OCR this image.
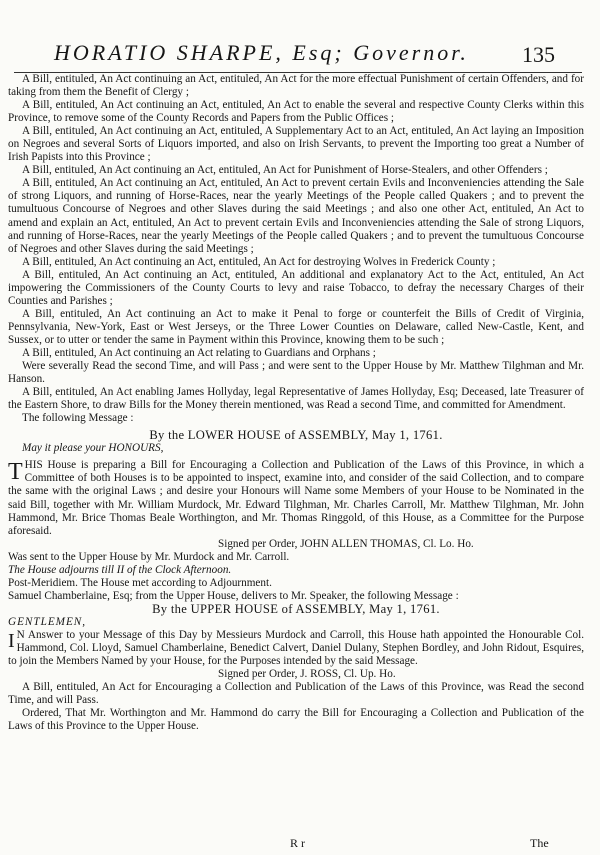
HORATIO SHARPE, Esq; Governor. 135

A Bill, entituled, An Act continuing an Act, entituled, An Act for the more effectual Punishment of certain Offenders, and for taking from them the Benefit of Clergy ;

A Bill, entituled, An Act continuing an Act, entituled, An Act to enable the several and respective County Clerks within this Province, to remove some of the County Records and Papers from the Public Offices ;

A Bill, entituled, An Act continuing an Act, entituled, A Supplementary Act to an Act, entituled, An Act laying an Imposition on Negroes and several Sorts of Liquors imported, and also on Irish Servants, to prevent the Importing too great a Number of Irish Papists into this Province ;

A Bill, entituled, An Act continuing an Act, entituled, An Act for Punishment of Horse-Stealers, and other Offenders ;

A Bill, entituled, An Act continuing an Act, entituled, An Act to prevent certain Evils and Inconveniencies attending the Sale of strong Liquors, and running of Horse-Races, near the yearly Meetings of the People called Quakers ; and to prevent the tumultuous Concourse of Negroes and other Slaves during the said Meetings ; and also one other Act, entituled, An Act to amend and explain an Act, entituled, An Act to prevent certain Evils and Inconveniencies attending the Sale of strong Liquors, and running of Horse-Races, near the yearly Meetings of the People called Quakers ; and to prevent the tumultuous Concourse of Negroes and other Slaves during the said Meetings ;

A Bill, entituled, An Act continuing an Act, entituled, An Act for destroying Wolves in Frederick County ;

A Bill, entituled, An Act continuing an Act, entituled, An additional and explanatory Act to the Act, entituled, An Act impowering the Commissioners of the County Courts to levy and raise Tobacco, to defray the necessary Charges of their Counties and Parishes ;

A Bill, entituled, An Act continuing an Act to make it Penal to forge or counterfeit the Bills of Credit of Virginia, Pennsylvania, New-York, East or West Jerseys, or the Three Lower Counties on Delaware, called New-Castle, Kent, and Sussex, or to utter or tender the same in Payment within this Province, knowing them to be such ;

A Bill, entituled, An Act continuing an Act relating to Guardians and Orphans ;

Were severally Read the second Time, and will Pass ; and were sent to the Upper House by Mr. Matthew Tilghman and Mr. Hanson.

A Bill, entituled, An Act enabling James Hollyday, legal Representative of James Hollyday, Esq; Deceased, late Treasurer of the Eastern Shore, to draw Bills for the Money therein mentioned, was Read a second Time, and committed for Amendment.

The following Message :

By the LOWER HOUSE of ASSEMBLY, May 1, 1761.

May it please your HONOURS,

THIS House is preparing a Bill for Encouraging a Collection and Publication of the Laws of this Province, in which a Committee of both Houses is to be appointed to inspect, examine into, and consider of the said Collection, and to compare the same with the original Laws ; and desire your Honours will Name some Members of your House to be Nominated in the said Bill, together with Mr. William Murdock, Mr. Edward Tilghman, Mr. Charles Carroll, Mr. Matthew Tilghman, Mr. John Hammond, Mr. Brice Thomas Beale Worthington, and Mr. Thomas Ringgold, of this House, as a Committee for the Purpose aforesaid.

Signed per Order, JOHN ALLEN THOMAS, Cl. Lo. Ho.

Was sent to the Upper House by Mr. Murdock and Mr. Carroll.

The House adjourns till II of the Clock Afternoon.

Post-Meridiem. The House met according to Adjournment.

Samuel Chamberlaine, Esq; from the Upper House, delivers to Mr. Speaker, the following Message :

By the UPPER HOUSE of ASSEMBLY, May 1, 1761.

GENTLEMEN,

I N Answer to your Message of this Day by Messieurs Murdock and Carroll, this House hath appointed the Honourable Col. Hammond, Col. Lloyd, Samuel Chamberlaine, Benedict Calvert, Daniel Dulany, Stephen Bordley, and John Ridout, Esquires, to join the Members Named by your House, for the Purposes intended by the said Message.

Signed per Order, J. ROSS, Cl. Up. Ho.

A Bill, entituled, An Act for Encouraging a Collection and Publication of the Laws of this Province, was Read the second Time, and will Pass.

Ordered, That Mr. Worthington and Mr. Hammond do carry the Bill for Encouraging a Collection and Publication of the Laws of this Province to the Upper House.

R r	The
